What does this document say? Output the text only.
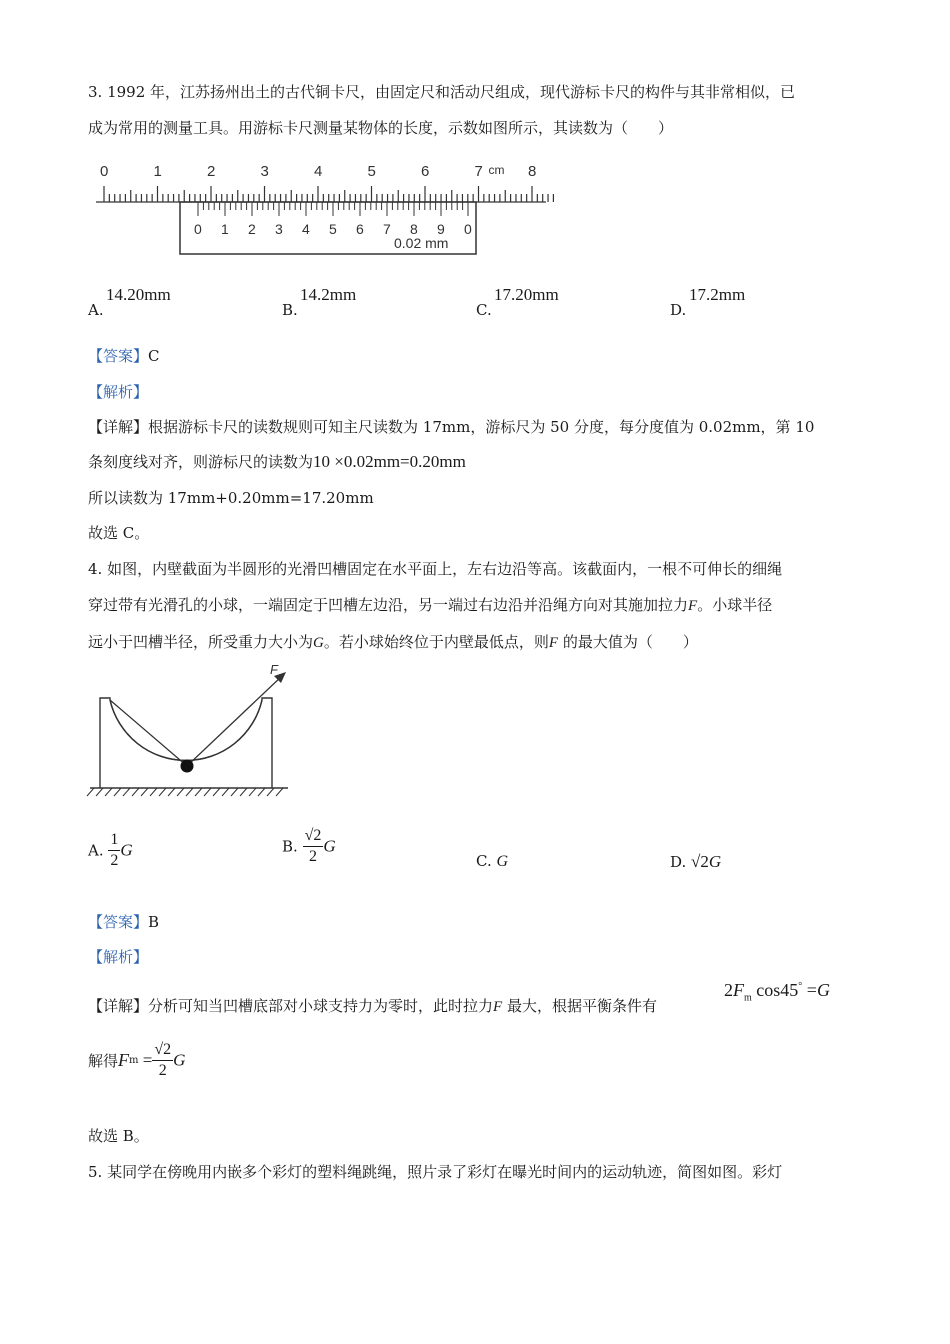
3. 1992 年，江苏扬州出土的古代铜卡尺，由固定尺和活动尺组成，现代游标卡尺的构件与其非常相似，已
成为常用的测量工具。用游标卡尺测量某物体的长度，示数如图所示，其读数为（　　）
0	1	2	3	4	5	6	7	8
cm
0 1 2 3 4 5 6 7 8 9 0
0.02 mm
A.
14.20mm
B.
14.2mm
C.
17.20mm
D.
17.2mm
【答案】C
【解析】
【详解】根据游标卡尺的读数规则可知主尺读数为 17mm，游标尺为 50 分度，每分度值为 0.02mm，第 10
条刻度线对齐，则游标尺的读数为10 ×0.02mm=0.20mm
所以读数为 17mm+0.20mm=17.20mm
故选 C。
4. 如图，内壁截面为半圆形的光滑凹槽固定在水平面上，左右边沿等高。该截面内，一根不可伸长的细绳
穿过带有光滑孔的小球，一端固定于凹槽左边沿，另一端过右边沿并沿绳方向对其施加拉力F。小球半径
远小于凹槽半径，所受重力大小为G。若小球始终位于内壁最低点，则F 的最大值为（　　）
F
A. $\frac{1}{2}$ G	B. $\frac{√2}{2}$ G
C. G	D. √2G
【答案】B
【解析】
【详解】分析可知当凹槽底部对小球支持力为零时，此时拉力F 最大，根据平衡条件有
$2F_m$ cos45° =G
解得$Fm = \frac{√2}{2}$ G
故选 B。
5. 某同学在傍晚用内嵌多个彩灯的塑料绳跳绳，照片录了彩灯在曝光时间内的运动轨迹，简图如图。彩灯
